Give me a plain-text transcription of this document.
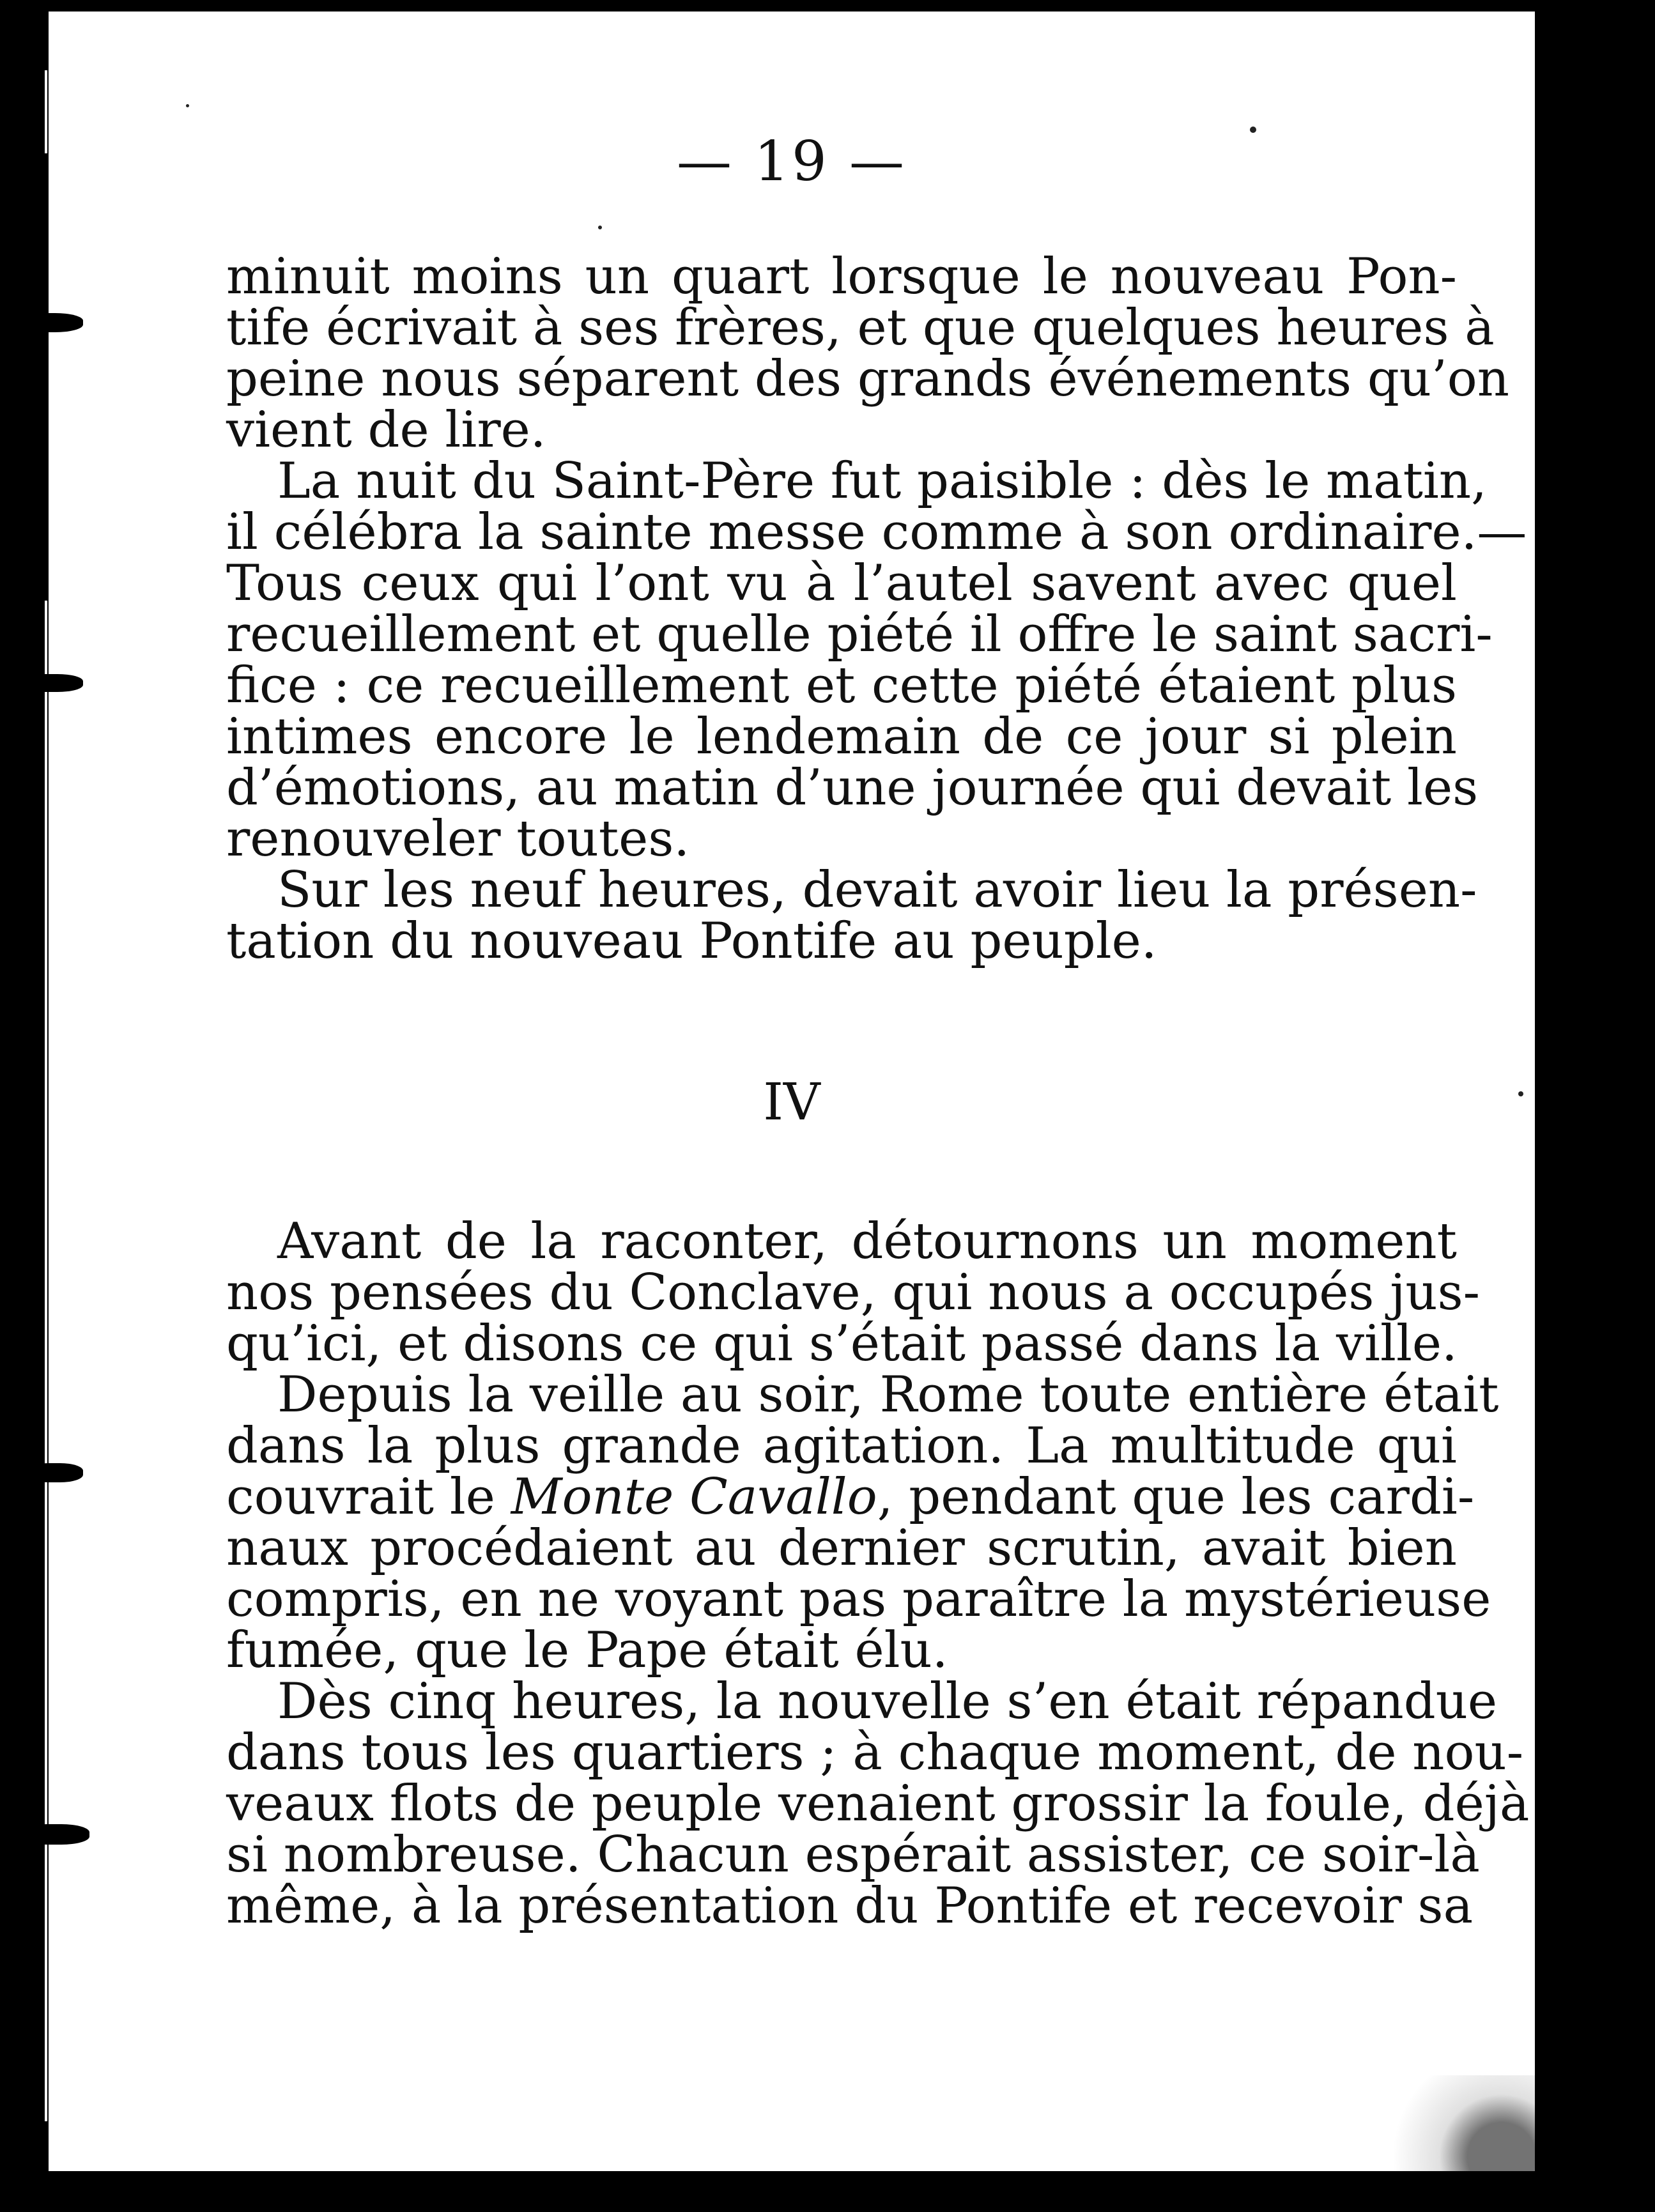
— 19 —
minuit moins un quart lorsque le nouveau Pon-
tife écrivait à ses frères, et que quelques heures à
peine nous séparent des grands événements qu’on
vient de lire.
La nuit du Saint-Père fut paisible : dès le matin,
il célébra la sainte messe comme à son ordinaire.—
Tous ceux qui l’ont vu à l’autel savent avec quel
recueillement et quelle piété il offre le saint sacri-
fice : ce recueillement et cette piété étaient plus
intimes encore le lendemain de ce jour si plein
d’émotions, au matin d’une journée qui devait les
renouveler toutes.
Sur les neuf heures, devait avoir lieu la présen-
tation du nouveau Pontife au peuple.
IV
Avant de la raconter, détournons un moment
nos pensées du Conclave, qui nous a occupés jus-
qu’ici, et disons ce qui s’était passé dans la ville.
Depuis la veille au soir, Rome toute entière était
dans la plus grande agitation. La multitude qui
couvrait le Monte Cavallo, pendant que les cardi-
naux procédaient au dernier scrutin, avait bien
compris, en ne voyant pas paraître la mystérieuse
fumée, que le Pape était élu.
Dès cinq heures, la nouvelle s’en était répandue
dans tous les quartiers ; à chaque moment, de nou-
veaux flots de peuple venaient grossir la foule, déjà
si nombreuse. Chacun espérait assister, ce soir-là
même, à la présentation du Pontife et recevoir sa
